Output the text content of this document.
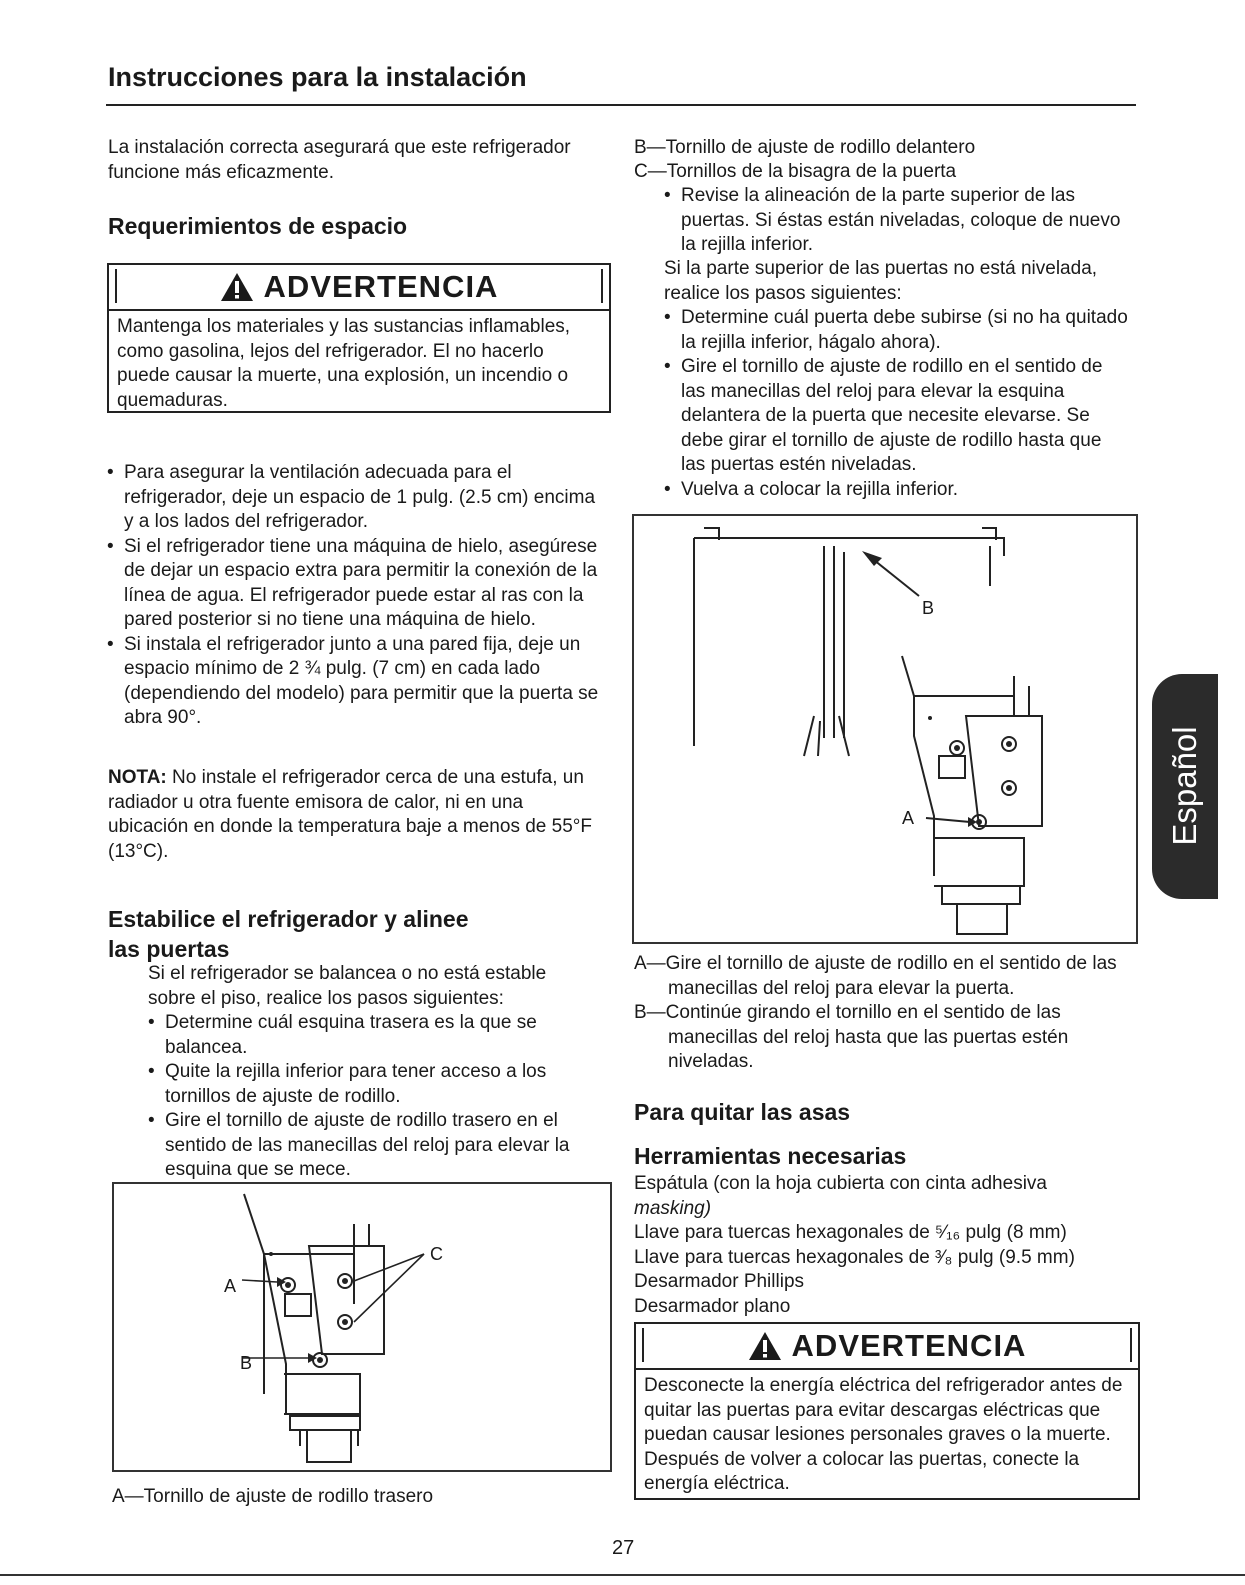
Instrucciones para la instalación

La instalación correcta asegurará que este refrigerador funcione más eficazmente.

Requerimientos de espacio
ADVERTENCIA

Mantenga los materiales y las sustancias inflamables, como gasolina, lejos del refrigerador. El no hacerlo puede causar la muerte, una explosión, un incendio o quemaduras.

• Para asegurar la ventilación adecuada para el refrigerador, deje un espacio de 1 pulg. (2.5 cm) encima y a los lados del refrigerador.
• Si el refrigerador tiene una máquina de hielo, asegúrese de dejar un espacio extra para permitir la conexión de la línea de agua. El refrigerador puede estar al ras con la pared posterior si no tiene una máquina de hielo.
• Si instala el refrigerador junto a una pared fija, deje un espacio mínimo de 2 ¾ pulg. (7 cm) en cada lado (dependiendo del modelo) para permitir que la puerta se abra 90°.

NOTA: No instale el refrigerador cerca de una estufa, un radiador u otra fuente emisora de calor, ni en una ubicación en donde la temperatura baje a menos de 55°F (13°C).

Estabilice el refrigerador y alinee
las puertas

Si el refrigerador se balancea o no está estable sobre el piso, realice los pasos siguientes:

• Determine cuál esquina trasera es la que se balancea.
• Quite la rejilla inferior para tener acceso a los tornillos de ajuste de rodillo.
• Gire el tornillo de ajuste de rodillo trasero en el sentido de las manecillas del reloj para elevar la esquina que se mece.
A
B
C

A—Tornillo de ajuste de rodillo trasero

B—Tornillo de ajuste de rodillo delantero

C—Tornillos de la bisagra de la puerta

• Revise la alineación de la parte superior de las puertas. Si éstas están niveladas, coloque de nuevo la rejilla inferior.

Si la parte superior de las puertas no está nivelada, realice los pasos siguientes:

• Determine cuál puerta debe subirse (si no ha quitado la rejilla inferior, hágalo ahora).
• Gire el tornillo de ajuste de rodillo en el sentido de las manecillas del reloj para elevar la esquina delantera de la puerta que necesite elevarse. Se debe girar el tornillo de ajuste de rodillo hasta que las puertas estén niveladas.
• Vuelva a colocar la rejilla inferior.
B
A

A—Gire el tornillo de ajuste de rodillo en el sentido de las manecillas del reloj para elevar la puerta.

B—Continúe girando el tornillo en el sentido de las manecillas del reloj hasta que las puertas estén niveladas.

Para quitar las asas
Herramientas necesarias

Espátula (con la hoja cubierta con cinta adhesiva

masking)

Llave para tuercas hexagonales de ⁵⁄₁₆ pulg (8 mm)

Llave para tuercas hexagonales de ³⁄₈ pulg (9.5 mm)

Desarmador Phillips

Desarmador plano

ADVERTENCIA

Desconecte la energía eléctrica del refrigerador antes de quitar las puertas para evitar descargas eléctricas que puedan causar lesiones personales graves o la muerte. Después de volver a colocar las puertas, conecte la energía eléctrica.

Español
27
